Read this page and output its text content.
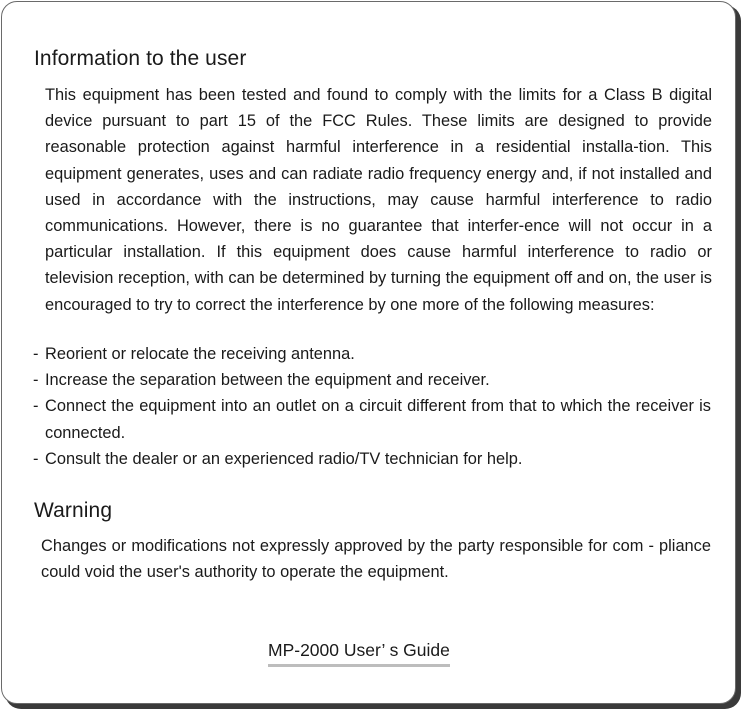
Information to the user

This equipment has been tested and found to comply with the limits for a Class B digital device pursuant to part 15 of the FCC Rules. These limits are designed to provide reasonable protection against harmful interference in a residential installa-tion. This equipment generates, uses and can radiate radio frequency energy and, if not installed and used in accordance with the instructions, may cause harmful interference to radio communications. However, there is no guarantee that interfer-ence will not occur in a particular installation. If this equipment does cause harmful interference to radio or television reception, with can be determined by turning the equipment off and on, the user is encouraged to try to correct the interference by one more of the following measures:

- Reorient or relocate the receiving antenna.
- Increase the separation between the equipment and receiver.
- Connect the equipment into an outlet on a circuit different from that to which the receiver is connected.
- Consult the dealer or an experienced radio/TV technician for help.
Warning

Changes or modifications not expressly approved by the party responsible for com - pliance could void the user's authority to operate the equipment.

MP-2000 User’ s Guide
